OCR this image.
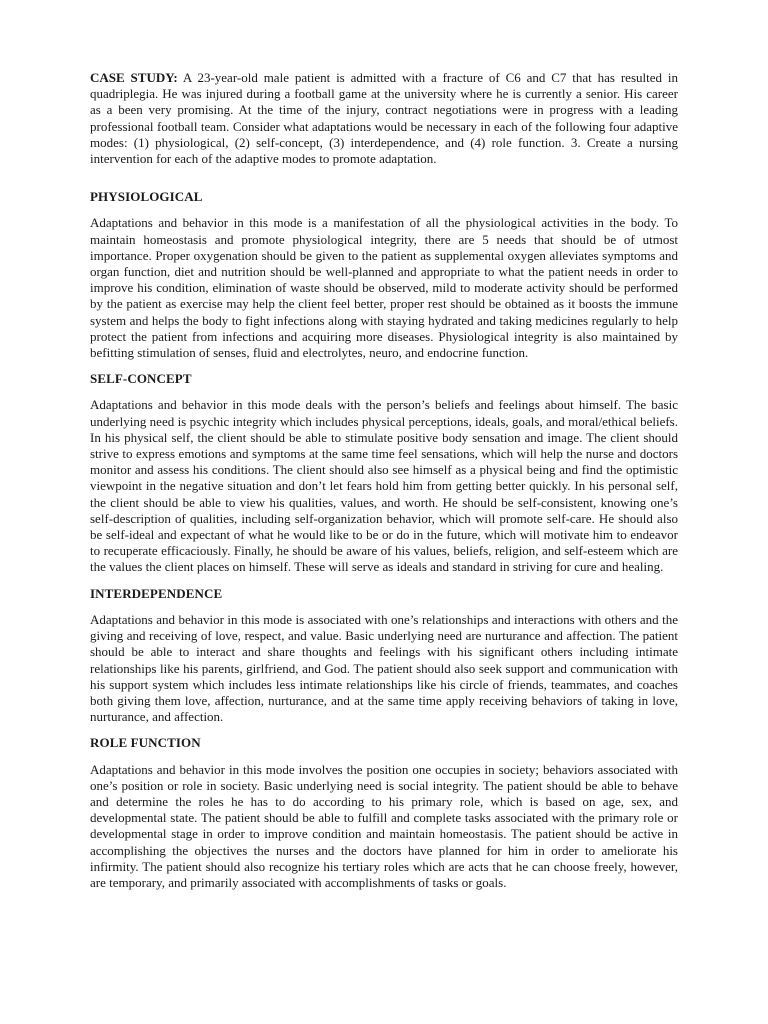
CASE STUDY: A 23-year-old male patient is admitted with a fracture of C6 and C7 that has resulted in quadriplegia. He was injured during a football game at the university where he is currently a senior. His career as a been very promising. At the time of the injury, contract negotiations were in progress with a leading professional football team. Consider what adaptations would be necessary in each of the following four adaptive modes: (1) physiological, (2) self-concept, (3) interdependence, and (4) role function. 3. Create a nursing intervention for each of the adaptive modes to promote adaptation.

PHYSIOLOGICAL

Adaptations and behavior in this mode is a manifestation of all the physiological activities in the body. To maintain homeostasis and promote physiological integrity, there are 5 needs that should be of utmost importance. Proper oxygenation should be given to the patient as supplemental oxygen alleviates symptoms and organ function, diet and nutrition should be well-planned and appropriate to what the patient needs in order to improve his condition, elimination of waste should be observed, mild to moderate activity should be performed by the patient as exercise may help the client feel better, proper rest should be obtained as it boosts the immune system and helps the body to fight infections along with staying hydrated and taking medicines regularly to help protect the patient from infections and acquiring more diseases. Physiological integrity is also maintained by befitting stimulation of senses, fluid and electrolytes, neuro, and endocrine function.

SELF-CONCEPT

Adaptations and behavior in this mode deals with the person’s beliefs and feelings about himself. The basic underlying need is psychic integrity which includes physical perceptions, ideals, goals, and moral/ethical beliefs. In his physical self, the client should be able to stimulate positive body sensation and image. The client should strive to express emotions and symptoms at the same time feel sensations, which will help the nurse and doctors monitor and assess his conditions. The client should also see himself as a physical being and find the optimistic viewpoint in the negative situation and don’t let fears hold him from getting better quickly. In his personal self, the client should be able to view his qualities, values, and worth. He should be self-consistent, knowing one’s self-description of qualities, including self-organization behavior, which will promote self-care. He should also be self-ideal and expectant of what he would like to be or do in the future, which will motivate him to endeavor to recuperate efficaciously. Finally, he should be aware of his values, beliefs, religion, and self-esteem which are the values the client places on himself. These will serve as ideals and standard in striving for cure and healing.

INTERDEPENDENCE

Adaptations and behavior in this mode is associated with one’s relationships and interactions with others and the giving and receiving of love, respect, and value. Basic underlying need are nurturance and affection. The patient should be able to interact and share thoughts and feelings with his significant others including intimate relationships like his parents, girlfriend, and God. The patient should also seek support and communication with his support system which includes less intimate relationships like his circle of friends, teammates, and coaches both giving them love, affection, nurturance, and at the same time apply receiving behaviors of taking in love, nurturance, and affection.

ROLE FUNCTION

Adaptations and behavior in this mode involves the position one occupies in society; behaviors associated with one’s position or role in society. Basic underlying need is social integrity. The patient should be able to behave and determine the roles he has to do according to his primary role, which is based on age, sex, and developmental state. The patient should be able to fulfill and complete tasks associated with the primary role or developmental stage in order to improve condition and maintain homeostasis. The patient should be active in accomplishing the objectives the nurses and the doctors have planned for him in order to ameliorate his infirmity. The patient should also recognize his tertiary roles which are acts that he can choose freely, however, are temporary, and primarily associated with accomplishments of tasks or goals.
